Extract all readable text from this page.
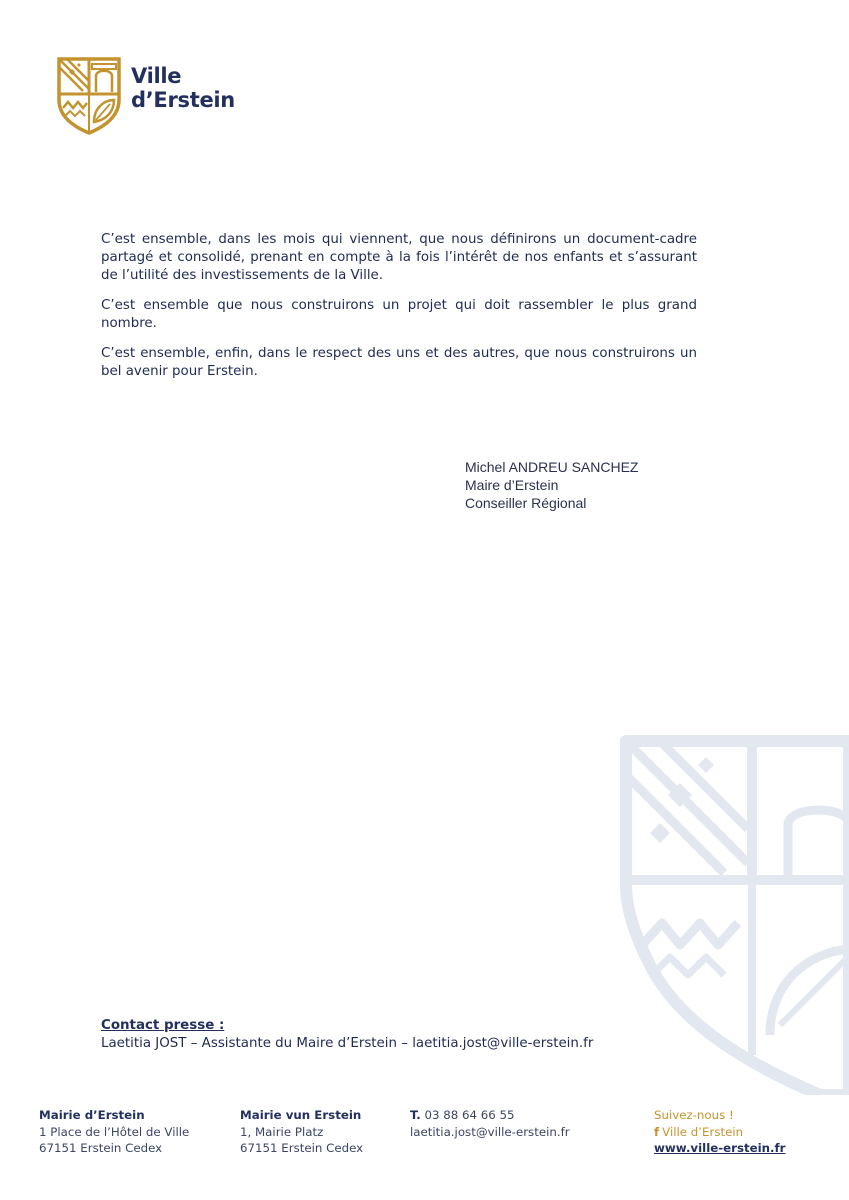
Ville
d’Erstein

C’est ensemble, dans les mois qui viennent, que nous définirons un document-cadre partagé et consolidé, prenant en compte à la fois l’intérêt de nos enfants et s’assurant de l’utilité des investissements de la Ville.

C’est ensemble que nous construirons un projet qui doit rassembler le plus grand nombre.

C’est ensemble, enfin, dans le respect des uns et des autres, que nous construirons un bel avenir pour Erstein.

Michel ANDREU SANCHEZ
Maire d’Erstein
Conseiller Régional
Contact presse :
Laetitia JOST – Assistante du Maire d’Erstein – laetitia.jost@ville-erstein.fr
Mairie d’Erstein
1 Place de l’Hôtel de Ville
67151 Erstein Cedex
Mairie vun Erstein
1, Mairie Platz
67151 Erstein Cedex
T. 03 88 64 66 55
laetitia.jost@ville-erstein.fr
Suivez-nous !
f Ville d’Erstein
www.ville-erstein.fr
